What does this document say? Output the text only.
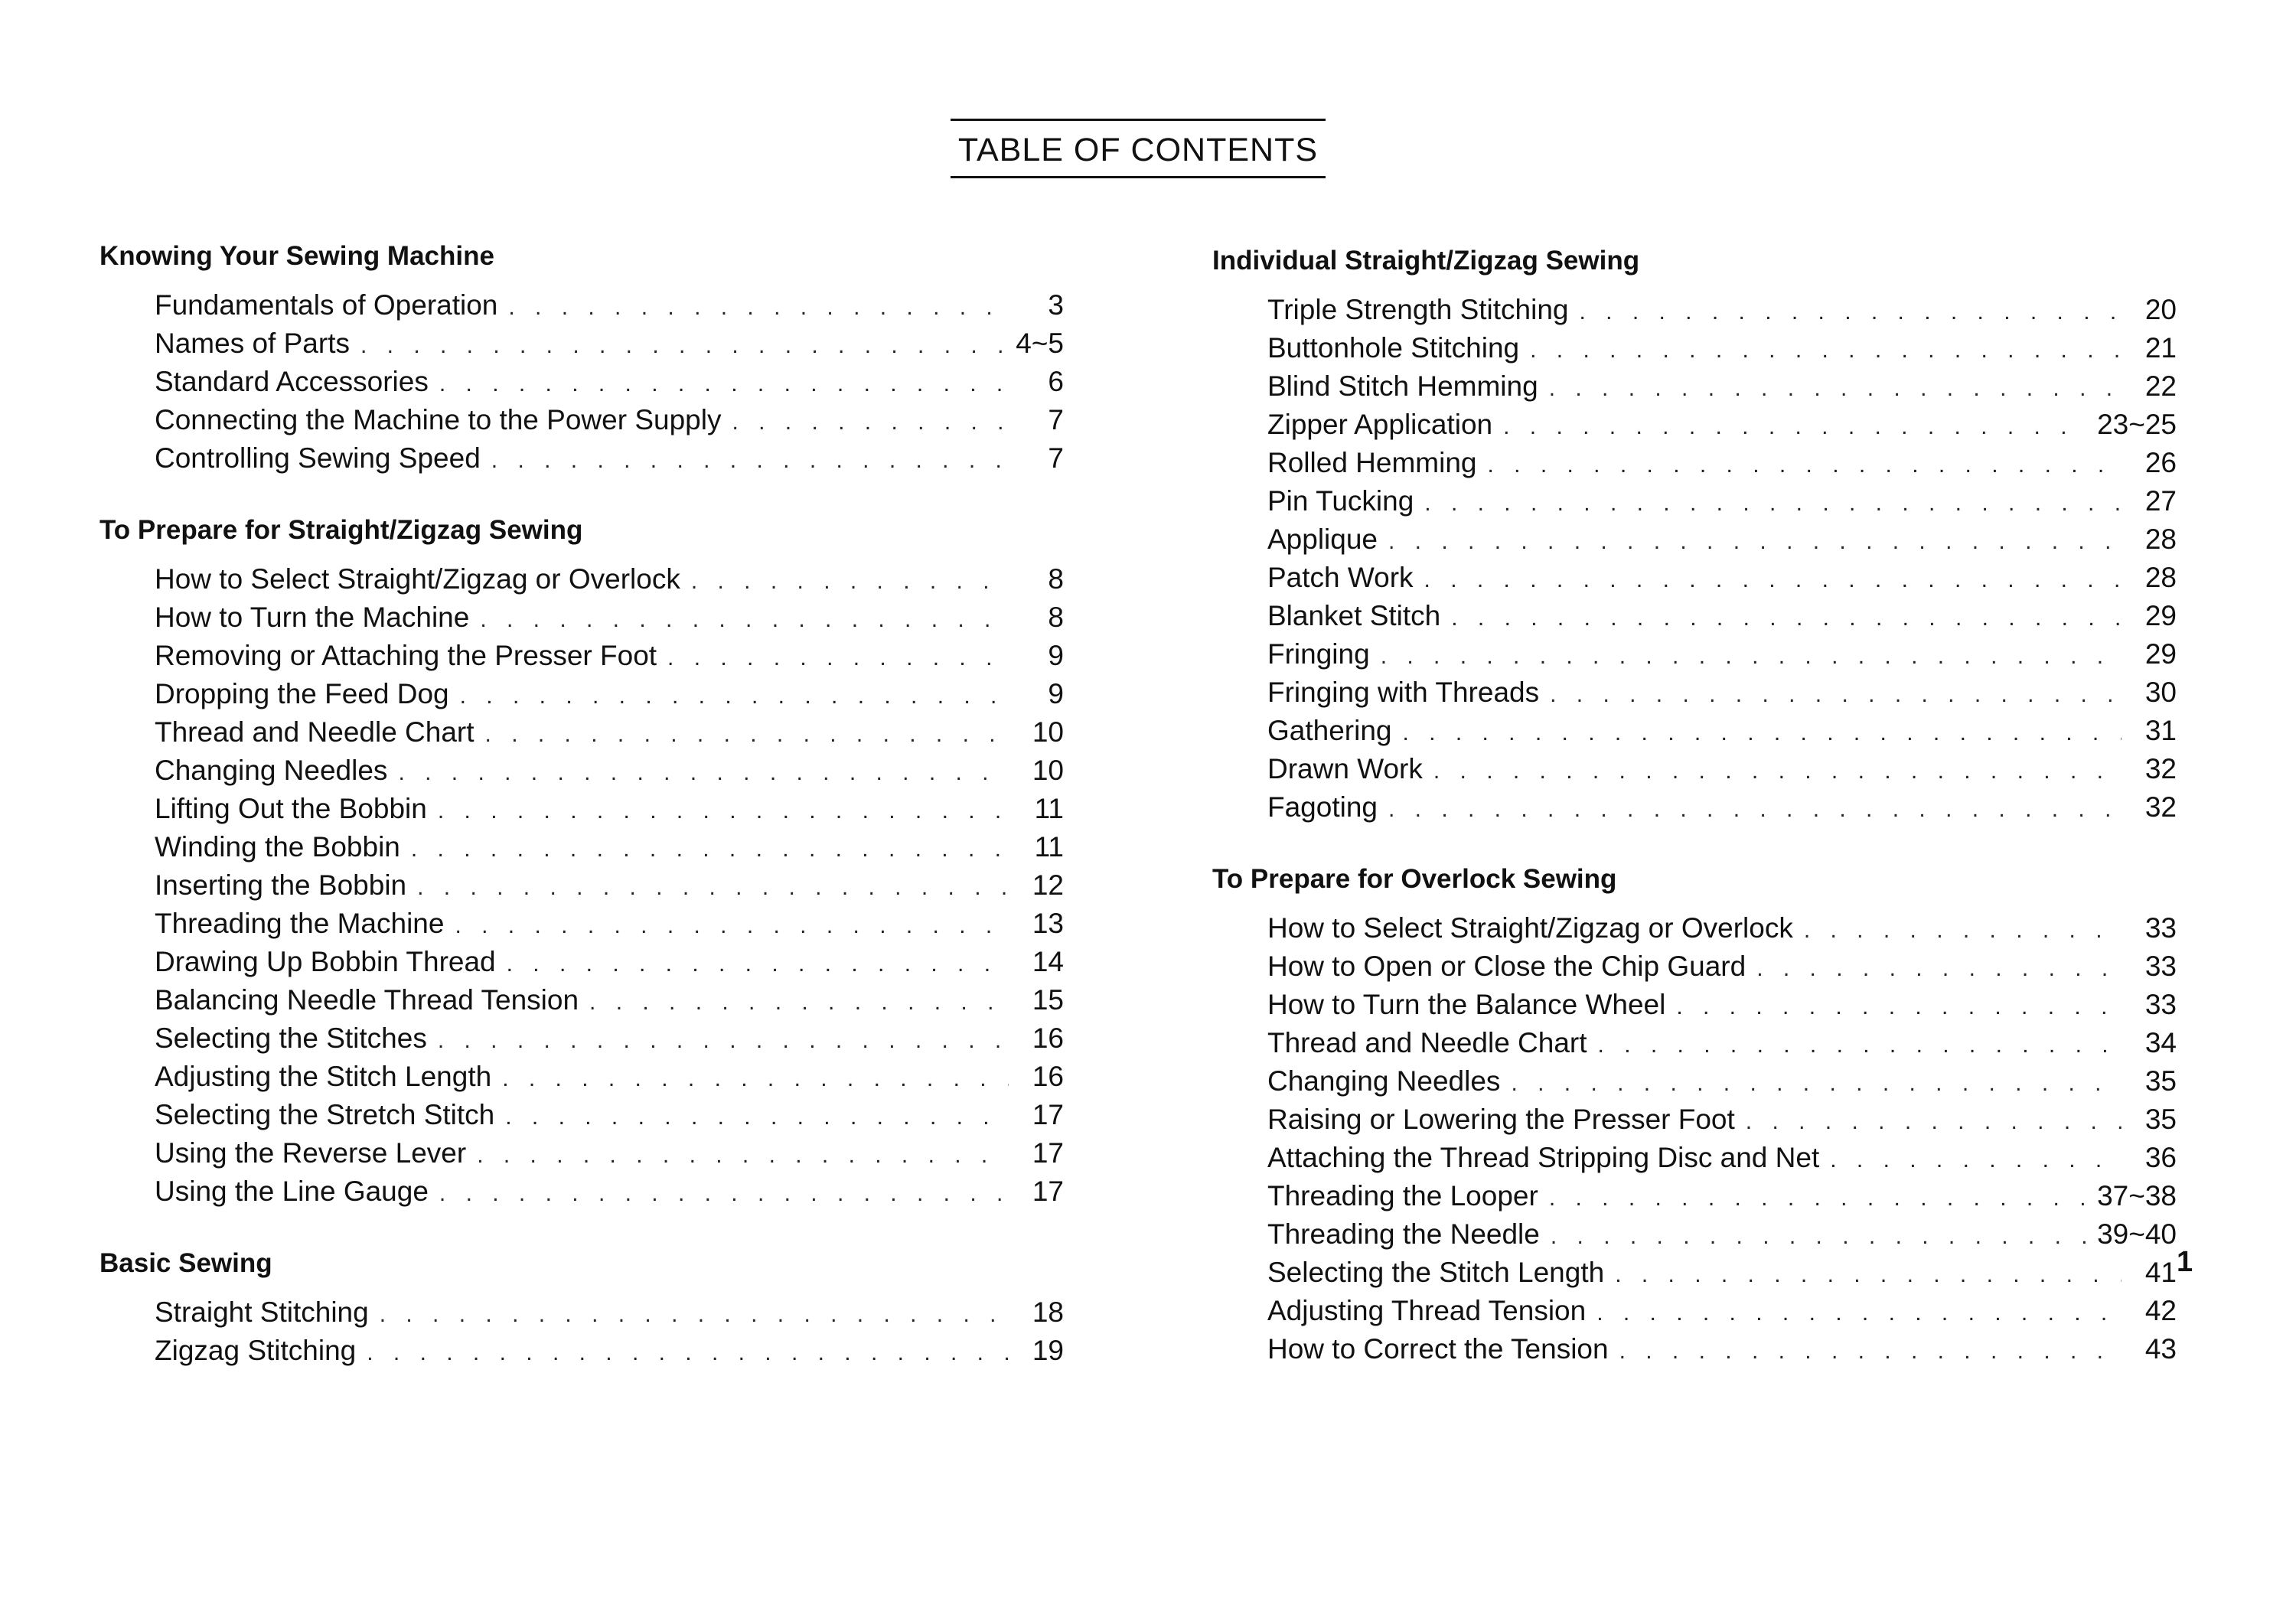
TABLE OF CONTENTS
Knowing Your Sewing Machine
Fundamentals of Operation . . .	3
Names of Parts . . .	4~5
Standard Accessories . . .	6
Connecting the Machine to the Power Supply . . .	7
Controlling Sewing Speed . . .	7
To Prepare for Straight/Zigzag Sewing
How to Select Straight/Zigzag or Overlock . . .	8
How to Turn the Machine . . .	8
Removing or Attaching the Presser Foot . . .	9
Dropping the Feed Dog . . .	9
Thread and Needle Chart . . .	10
Changing Needles . . .	10
Lifting Out the Bobbin . . .	11
Winding the Bobbin . . .	11
Inserting the Bobbin . . .	12
Threading the Machine . . .	13
Drawing Up Bobbin Thread . . .	14
Balancing Needle Thread Tension . . .	15
Selecting the Stitches . . .	16
Adjusting the Stitch Length . . .	16
Selecting the Stretch Stitch . . .	17
Using the Reverse Lever . . .	17
Using the Line Gauge . . .	17
Basic Sewing
Straight Stitching . . .	18
Zigzag Stitching . . .	19
Individual Straight/Zigzag Sewing
Triple Strength Stitching . . .	20
Buttonhole Stitching . . .	21
Blind Stitch Hemming . . .	22
Zipper Application . . .	23~25
Rolled Hemming . . .	26
Pin Tucking . . .	27
Applique . . .	28
Patch Work . . .	28
Blanket Stitch . . .	29
Fringing . . .	29
Fringing with Threads . . .	30
Gathering . . .	31
Drawn Work . . .	32
Fagoting . . .	32
To Prepare for Overlock Sewing
How to Select Straight/Zigzag or Overlock . . .	33
How to Open or Close the Chip Guard . . .	33
How to Turn the Balance Wheel . . .	33
Thread and Needle Chart . . .	34
Changing Needles . . .	35
Raising or Lowering the Presser Foot . . .	35
Attaching the Thread Stripping Disc and Net . . .	36
Threading the Looper . . .	37~38
Threading the Needle . . .	39~40
Selecting the Stitch Length . . .	41
Adjusting Thread Tension . . .	42
How to Correct the Tension . . .	43
1
